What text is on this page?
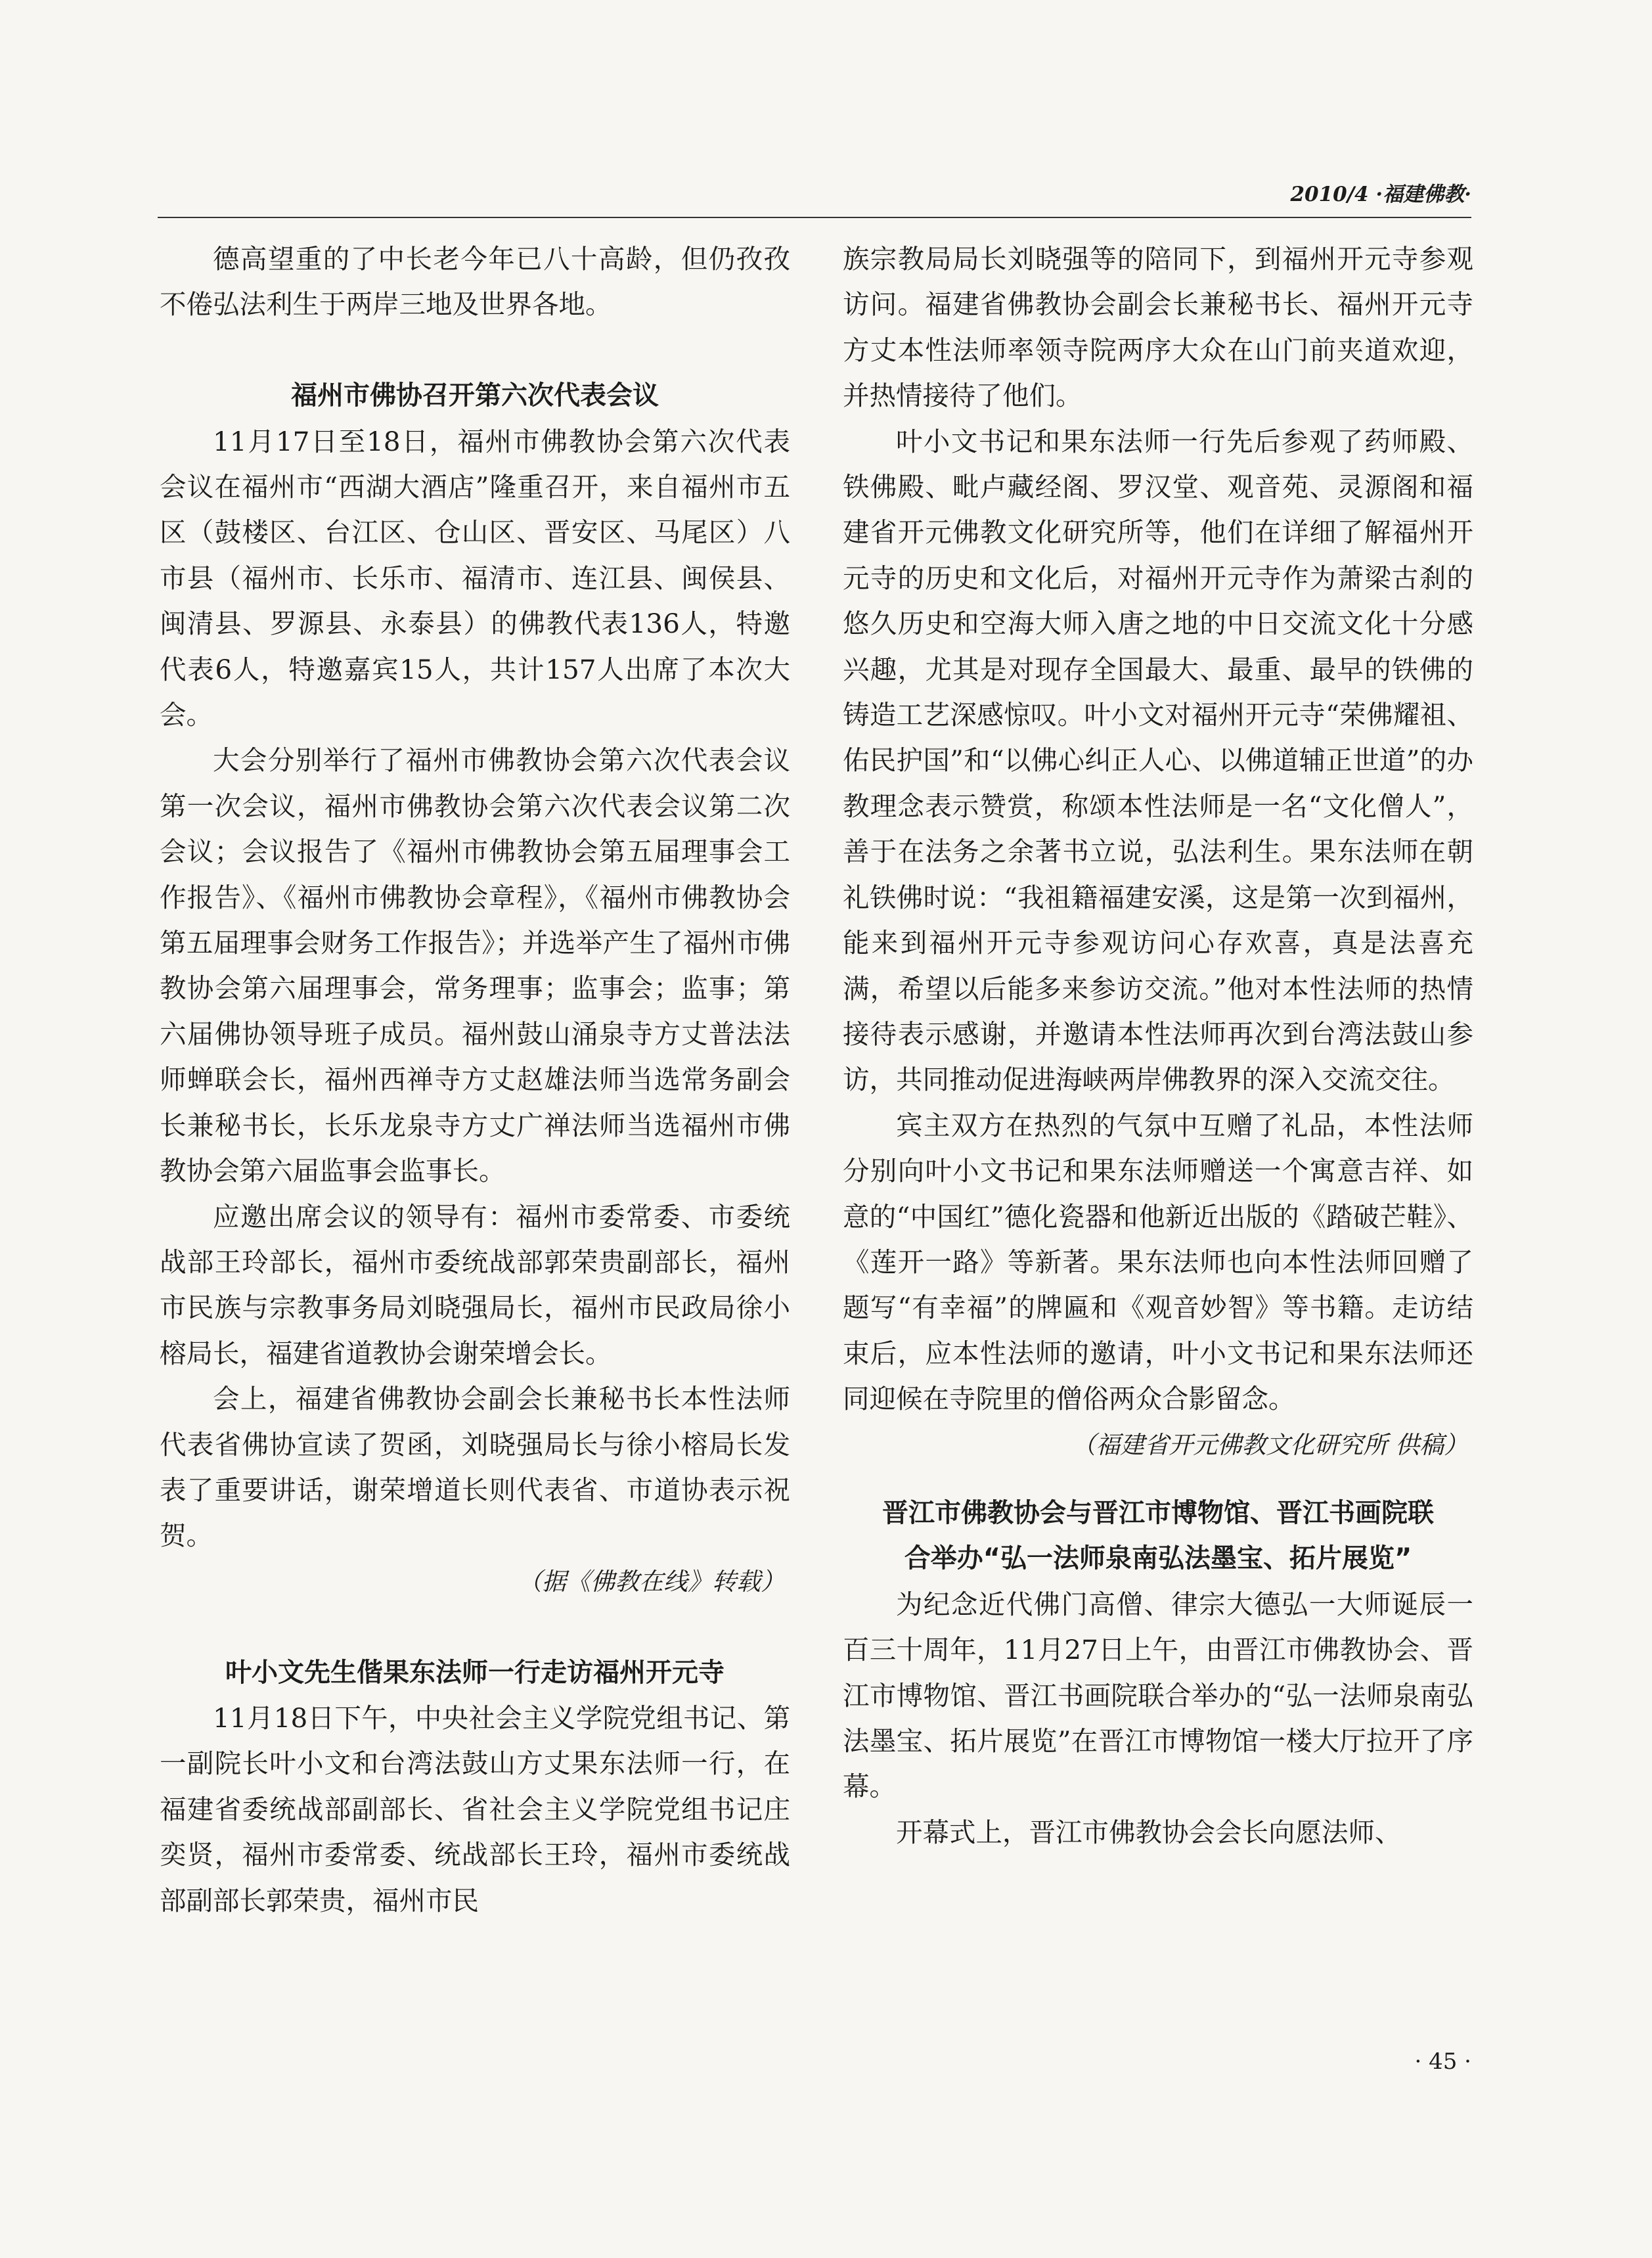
2010/4 ·福建佛教·

德高望重的了中长老今年已八十高龄，但仍孜孜不倦弘法利生于两岸三地及世界各地。

福州市佛协召开第六次代表会议

11月17日至18日，福州市佛教协会第六次代表会议在福州市“西湖大酒店”隆重召开，来自福州市五区（鼓楼区、台江区、仓山区、晋安区、马尾区）八市县（福州市、长乐市、福清市、连江县、闽侯县、闽清县、罗源县、永泰县）的佛教代表136人，特邀代表6人，特邀嘉宾15人，共计157人出席了本次大会。

大会分别举行了福州市佛教协会第六次代表会议第一次会议，福州市佛教协会第六次代表会议第二次会议；会议报告了《福州市佛教协会第五届理事会工作报告》、《福州市佛教协会章程》，《福州市佛教协会第五届理事会财务工作报告》；并选举产生了福州市佛教协会第六届理事会，常务理事；监事会；监事；第六届佛协领导班子成员。福州鼓山涌泉寺方丈普法法师蝉联会长，福州西禅寺方丈赵雄法师当选常务副会长兼秘书长，长乐龙泉寺方丈广禅法师当选福州市佛教协会第六届监事会监事长。

应邀出席会议的领导有：福州市委常委、市委统战部王玲部长，福州市委统战部郭荣贵副部长，福州市民族与宗教事务局刘晓强局长，福州市民政局徐小榕局长，福建省道教协会谢荣增会长。

会上，福建省佛教协会副会长兼秘书长本性法师代表省佛协宣读了贺函，刘晓强局长与徐小榕局长发表了重要讲话，谢荣增道长则代表省、市道协表示祝贺。

（据《佛教在线》转载）
叶小文先生偕果东法师一行走访福州开元寺

11月18日下午，中央社会主义学院党组书记、第一副院长叶小文和台湾法鼓山方丈果东法师一行，在福建省委统战部副部长、省社会主义学院党组书记庄奕贤，福州市委常委、统战部长王玲，福州市委统战部副部长郭荣贵，福州市民

族宗教局局长刘晓强等的陪同下，到福州开元寺参观访问。福建省佛教协会副会长兼秘书长、福州开元寺方丈本性法师率领寺院两序大众在山门前夹道欢迎，并热情接待了他们。

叶小文书记和果东法师一行先后参观了药师殿、铁佛殿、毗卢藏经阁、罗汉堂、观音苑、灵源阁和福建省开元佛教文化研究所等，他们在详细了解福州开元寺的历史和文化后，对福州开元寺作为萧梁古刹的悠久历史和空海大师入唐之地的中日交流文化十分感兴趣，尤其是对现存全国最大、最重、最早的铁佛的铸造工艺深感惊叹。叶小文对福州开元寺“荣佛耀祖、佑民护国”和“以佛心纠正人心、以佛道辅正世道”的办教理念表示赞赏，称颂本性法师是一名“文化僧人”，善于在法务之余著书立说，弘法利生。果东法师在朝礼铁佛时说：“我祖籍福建安溪，这是第一次到福州，能来到福州开元寺参观访问心存欢喜，真是法喜充满，希望以后能多来参访交流。”他对本性法师的热情接待表示感谢，并邀请本性法师再次到台湾法鼓山参访，共同推动促进海峡两岸佛教界的深入交流交往。

宾主双方在热烈的气氛中互赠了礼品，本性法师分别向叶小文书记和果东法师赠送一个寓意吉祥、如意的“中国红”德化瓷器和他新近出版的《踏破芒鞋》、《莲开一路》等新著。果东法师也向本性法师回赠了题写“有幸福”的牌匾和《观音妙智》等书籍。走访结束后，应本性法师的邀请，叶小文书记和果东法师还同迎候在寺院里的僧俗两众合影留念。

（福建省开元佛教文化研究所 供稿）
晋江市佛教协会与晋江市博物馆、晋江书画院联
合举办“弘一法师泉南弘法墨宝、拓片展览”

为纪念近代佛门高僧、律宗大德弘一大师诞辰一百三十周年，11月27日上午，由晋江市佛教协会、晋江市博物馆、晋江书画院联合举办的“弘一法师泉南弘法墨宝、拓片展览”在晋江市博物馆一楼大厅拉开了序幕。

开幕式上，晋江市佛教协会会长向愿法师、

· 45 ·
